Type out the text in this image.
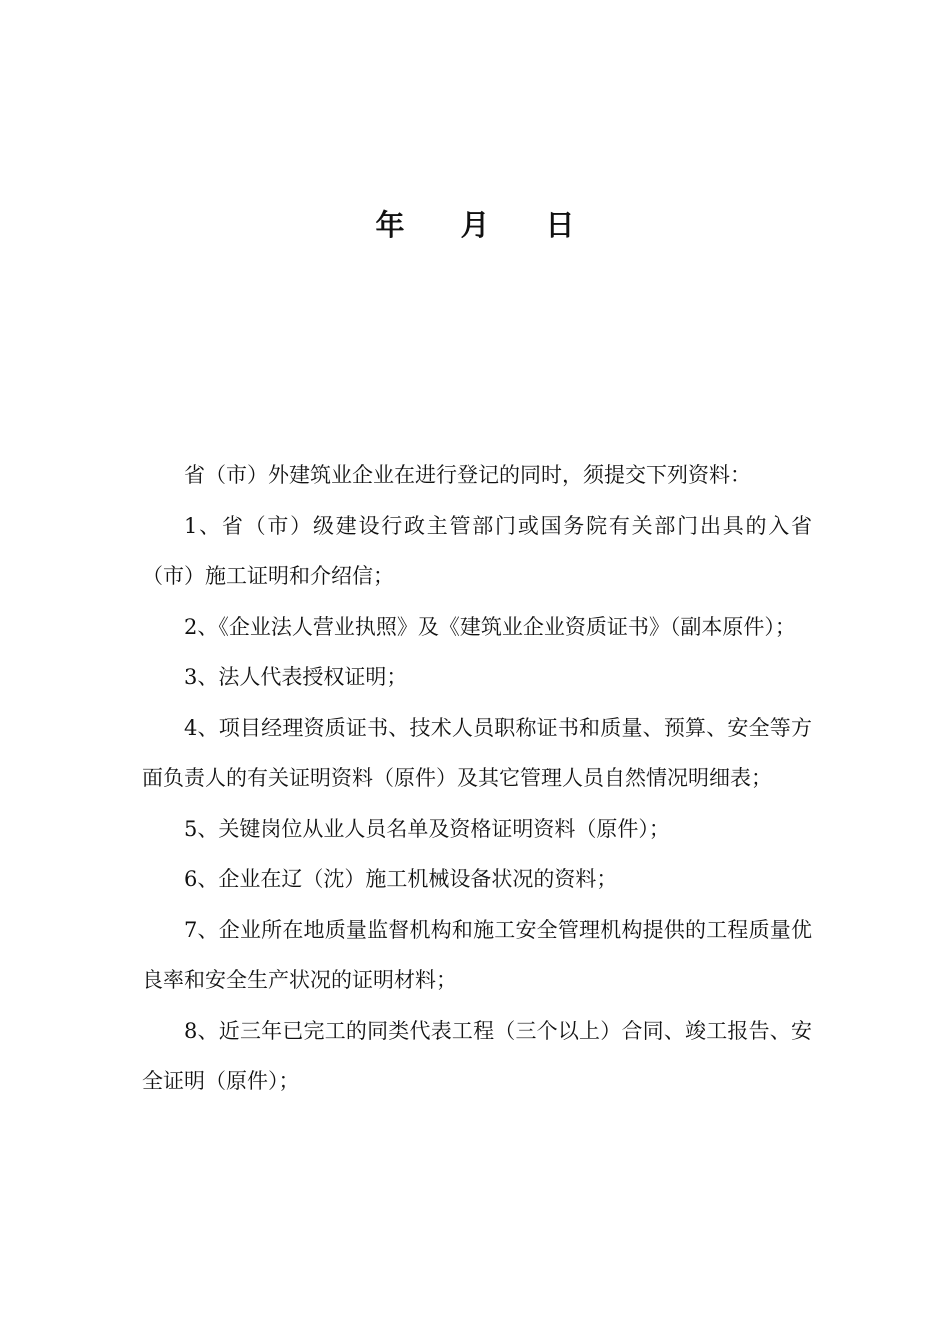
年 月 日

省（市）外建筑业企业在进行登记的同时，须提交下列资料：

1、省（市）级建设行政主管部门或国务院有关部门出具的入省（市）施工证明和介绍信；

2、《企业法人营业执照》及《建筑业企业资质证书》（副本原件）；

3、法人代表授权证明；

4、项目经理资质证书、技术人员职称证书和质量、预算、安全等方面负责人的有关证明资料（原件）及其它管理人员自然情况明细表；

5、关键岗位从业人员名单及资格证明资料（原件）；

6、企业在辽（沈）施工机械设备状况的资料；

7、企业所在地质量监督机构和施工安全管理机构提供的工程质量优良率和安全生产状况的证明材料；

8、近三年已完工的同类代表工程（三个以上）合同、竣工报告、安全证明（原件）；
